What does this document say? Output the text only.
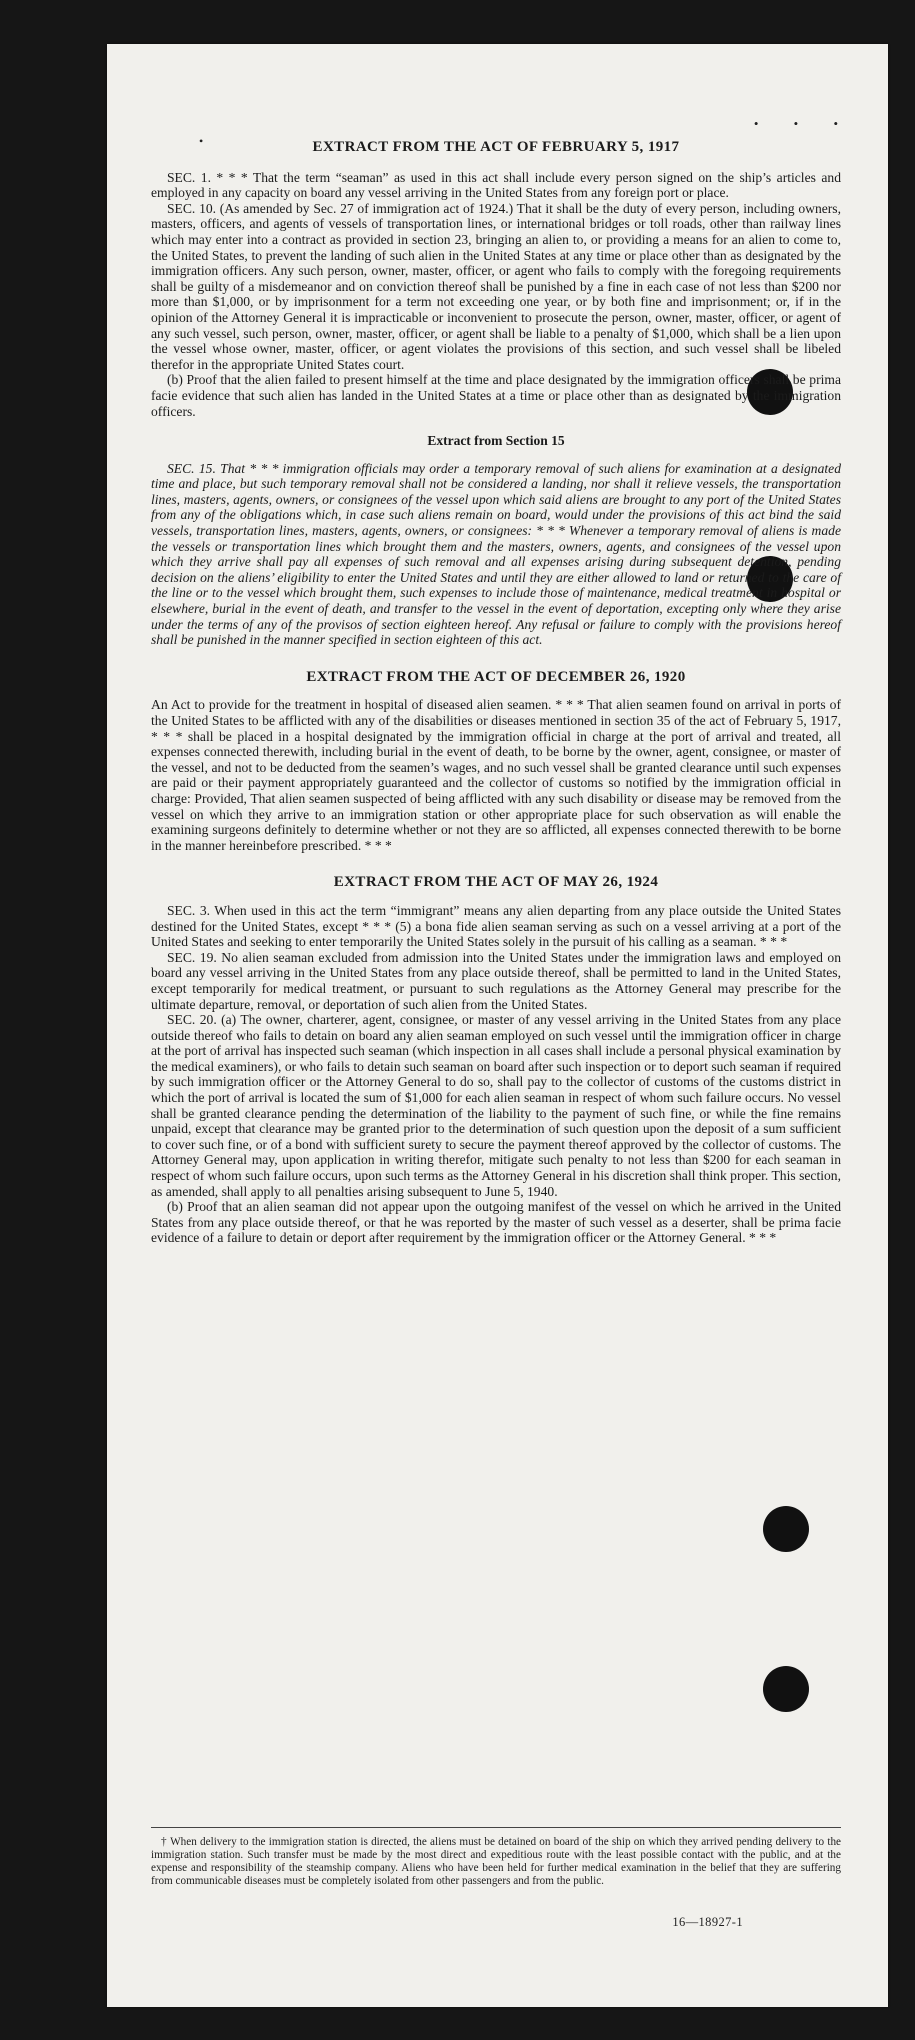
• • •
•	EXTRACT FROM THE ACT OF FEBRUARY 5, 1917

SEC. 1. * * * That the term “seaman” as used in this act shall include every person signed on the ship’s articles and employed in any capacity on board any vessel arriving in the United States from any foreign port or place.

SEC. 10. (As amended by Sec. 27 of immigration act of 1924.) That it shall be the duty of every person, including owners, masters, officers, and agents of vessels of transportation lines, or international bridges or toll roads, other than railway lines which may enter into a contract as provided in section 23, bringing an alien to, or providing a means for an alien to come to, the United States, to prevent the landing of such alien in the United States at any time or place other than as designated by the immigration officers. Any such person, owner, master, officer, or agent who fails to comply with the foregoing requirements shall be guilty of a misdemeanor and on conviction thereof shall be punished by a fine in each case of not less than $200 nor more than $1,000, or by imprisonment for a term not exceeding one year, or by both fine and imprisonment; or, if in the opinion of the Attorney General it is impracticable or inconvenient to prosecute the person, owner, master, officer, or agent of any such vessel, such person, owner, master, officer, or agent shall be liable to a penalty of $1,000, which shall be a lien upon the vessel whose owner, master, officer, or agent violates the provisions of this section, and such vessel shall be libeled therefor in the appropriate United States court.

(b) Proof that the alien failed to present himself at the time and place designated by the immigration officers shall be prima facie evidence that such alien has landed in the United States at a time or place other than as designated by the immigration officers.

Extract from Section 15

SEC. 15. That * * * immigration officials may order a temporary removal of such aliens for examination at a designated time and place, but such temporary removal shall not be considered a landing, nor shall it relieve vessels, the transportation lines, masters, agents, owners, or consignees of the vessel upon which said aliens are brought to any port of the United States from any of the obligations which, in case such aliens remain on board, would under the provisions of this act bind the said vessels, transportation lines, masters, agents, owners, or consignees: * * * Whenever a temporary removal of aliens is made the vessels or transportation lines which brought them and the masters, owners, agents, and consignees of the vessel upon which they arrive shall pay all expenses of such removal and all expenses arising during subsequent detention, pending decision on the aliens’ eligibility to enter the United States and until they are either allowed to land or returned to the care of the line or to the vessel which brought them, such expenses to include those of maintenance, medical treatment in hospital or elsewhere, burial in the event of death, and transfer to the vessel in the event of deportation, excepting only where they arise under the terms of any of the provisos of section eighteen hereof. Any refusal or failure to comply with the provisions hereof shall be punished in the manner specified in section eighteen of this act.

EXTRACT FROM THE ACT OF DECEMBER 26, 1920

An Act to provide for the treatment in hospital of diseased alien seamen. * * * That alien seamen found on arrival in ports of the United States to be afflicted with any of the disabilities or diseases mentioned in section 35 of the act of February 5, 1917, * * * shall be placed in a hospital designated by the immigration official in charge at the port of arrival and treated, all expenses connected therewith, including burial in the event of death, to be borne by the owner, agent, consignee, or master of the vessel, and not to be deducted from the seamen’s wages, and no such vessel shall be granted clearance until such expenses are paid or their payment appropriately guaranteed and the collector of customs so notified by the immigration official in charge: Provided, That alien seamen suspected of being afflicted with any such disability or disease may be removed from the vessel on which they arrive to an immigration station or other appropriate place for such observation as will enable the examining surgeons definitely to determine whether or not they are so afflicted, all expenses connected therewith to be borne in the manner hereinbefore prescribed. * * *

EXTRACT FROM THE ACT OF MAY 26, 1924

SEC. 3. When used in this act the term “immigrant” means any alien departing from any place outside the United States destined for the United States, except * * * (5) a bona fide alien seaman serving as such on a vessel arriving at a port of the United States and seeking to enter temporarily the United States solely in the pursuit of his calling as a seaman. * * *

SEC. 19. No alien seaman excluded from admission into the United States under the immigration laws and employed on board any vessel arriving in the United States from any place outside thereof, shall be permitted to land in the United States, except temporarily for medical treatment, or pursuant to such regulations as the Attorney General may prescribe for the ultimate departure, removal, or deportation of such alien from the United States.

SEC. 20. (a) The owner, charterer, agent, consignee, or master of any vessel arriving in the United States from any place outside thereof who fails to detain on board any alien seaman employed on such vessel until the immigration officer in charge at the port of arrival has inspected such seaman (which inspection in all cases shall include a personal physical examination by the medical examiners), or who fails to detain such seaman on board after such inspection or to deport such seaman if required by such immigration officer or the Attorney General to do so, shall pay to the collector of customs of the customs district in which the port of arrival is located the sum of $1,000 for each alien seaman in respect of whom such failure occurs. No vessel shall be granted clearance pending the determination of the liability to the payment of such fine, or while the fine remains unpaid, except that clearance may be granted prior to the determination of such question upon the deposit of a sum sufficient to cover such fine, or of a bond with sufficient surety to secure the payment thereof approved by the collector of customs. The Attorney General may, upon application in writing therefor, mitigate such penalty to not less than $200 for each seaman in respect of whom such failure occurs, upon such terms as the Attorney General in his discretion shall think proper. This section, as amended, shall apply to all penalties arising subsequent to June 5, 1940.

(b) Proof that an alien seaman did not appear upon the outgoing manifest of the vessel on which he arrived in the United States from any place outside thereof, or that he was reported by the master of such vessel as a deserter, shall be prima facie evidence of a failure to detain or deport after requirement by the immigration officer or the Attorney General. * * *

† When delivery to the immigration station is directed, the aliens must be detained on board of the ship on which they arrived pending delivery to the immigration station. Such transfer must be made by the most direct and expeditious route with the least possible contact with the public, and at the expense and responsibility of the steamship company. Aliens who have been held for further medical examination in the belief that they are suffering from communicable diseases must be completely isolated from other passengers and from the public.
16—18927-1
